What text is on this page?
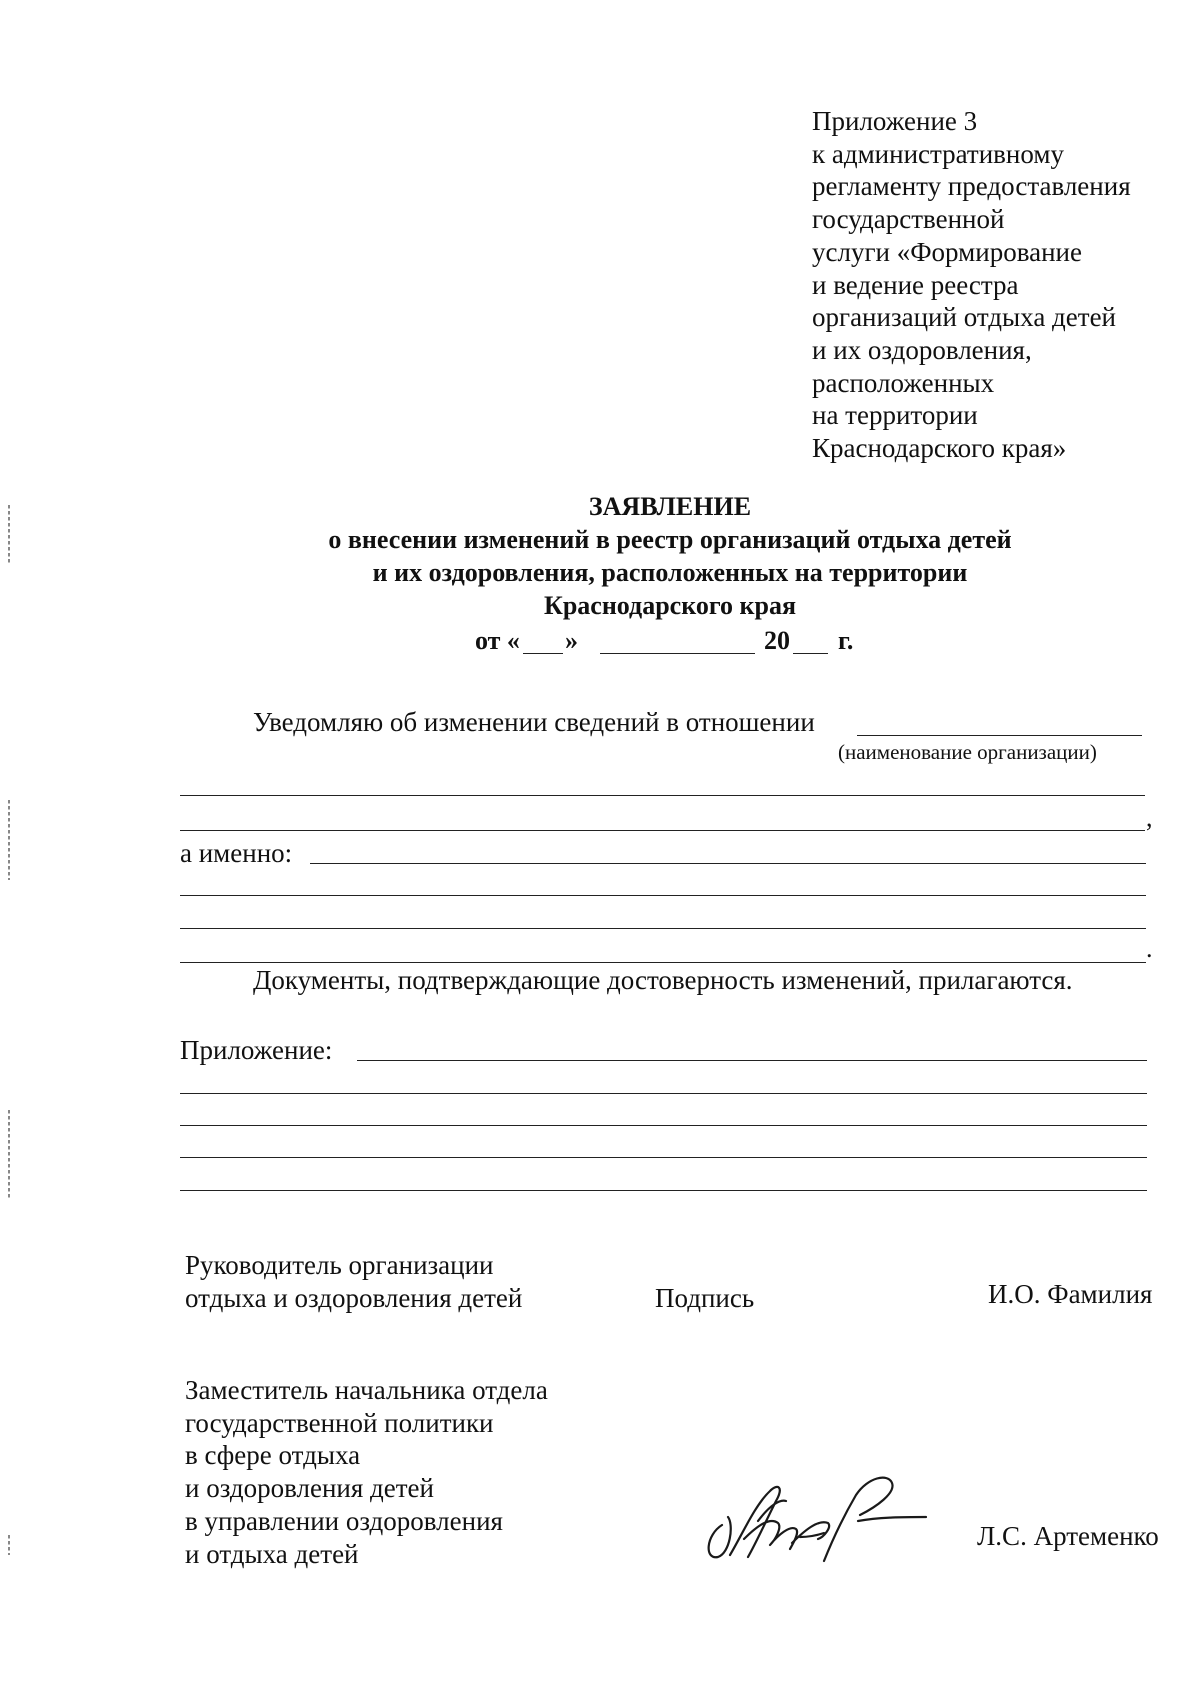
Приложение 3
к административному
регламенту предоставления
государственной
услуги «Формирование
и ведение реестра
организаций отдыха детей
и их оздоровления,
расположенных
на территории
Краснодарского края»
ЗАЯВЛЕНИЕ
о внесении изменений в реестр организаций отдыха детей
и их оздоровления, расположенных на территории
Краснодарского края
от « »	20 г.
Уведомляю об изменении сведений в отношении
(наименование организации)
,
а именно:
.
Документы, подтверждающие достоверность изменений, прилагаются.
Приложение:
Руководитель организации
отдыха и оздоровления детей	Подпись	И.О. Фамилия
Заместитель начальника отдела
государственной политики
в сфере отдыха
и оздоровления детей
в управлении оздоровления
и отдыха детей
Л.С. Артеменко
